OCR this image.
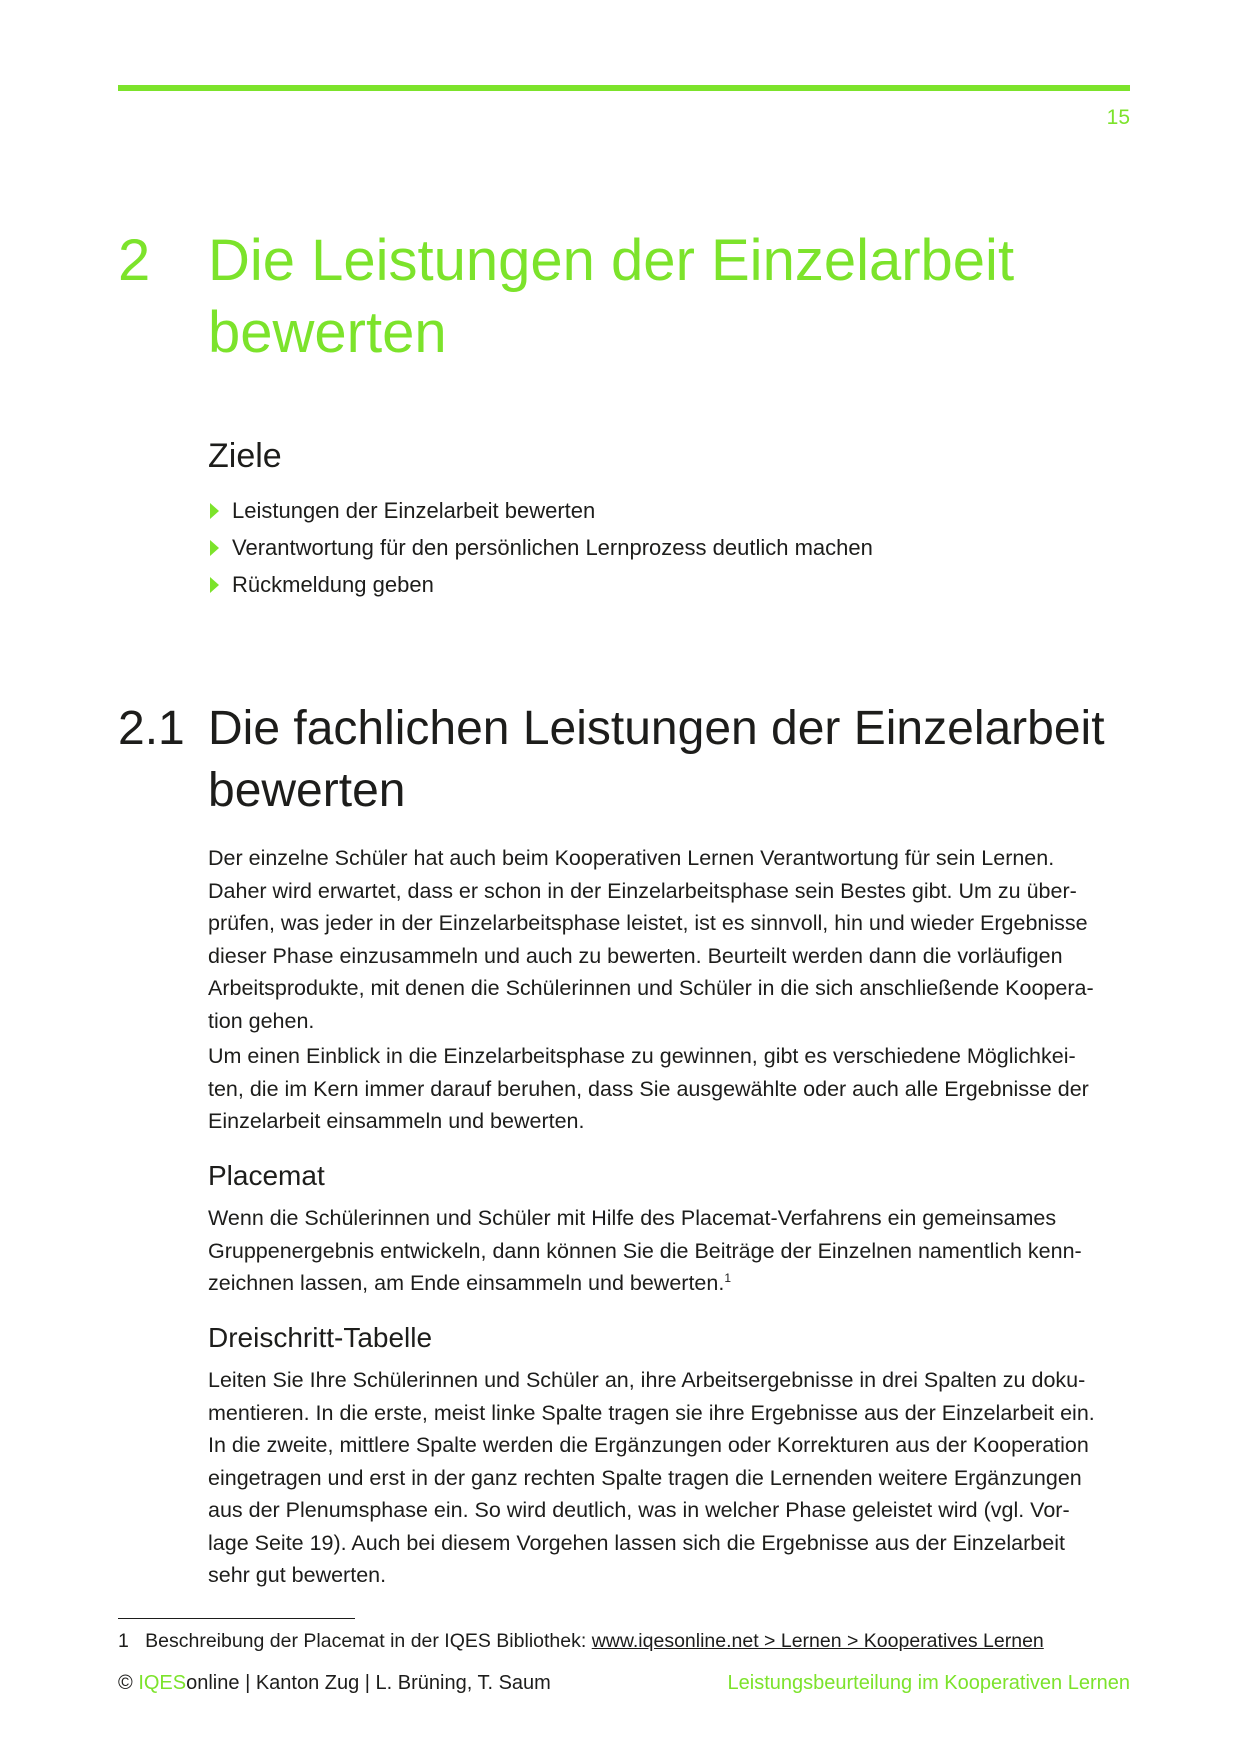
15
2 Die Leistungen der Einzelarbeit
bewerten
Ziele
Leistungen der Einzelarbeit bewerten
Verantwortung für den persönlichen Lernprozess deutlich machen
Rückmeldung geben
2.1 Die fachlichen Leistungen der Einzelarbeit
bewerten
Der einzelne Schüler hat auch beim Kooperativen Lernen Verantwortung für sein Lernen.
Daher wird erwartet, dass er schon in der Einzelarbeitsphase sein Bestes gibt. Um zu über-
prüfen, was jeder in der Einzelarbeitsphase leistet, ist es sinnvoll, hin und wieder Ergebnisse
dieser Phase einzusammeln und auch zu bewerten. Beurteilt werden dann die vorläufigen
Arbeitsprodukte, mit denen die Schülerinnen und Schüler in die sich anschließende Koopera-
tion gehen.
Um einen Einblick in die Einzelarbeitsphase zu gewinnen, gibt es verschiedene Möglichkei-
ten, die im Kern immer darauf beruhen, dass Sie ausgewählte oder auch alle Ergebnisse der
Einzelarbeit einsammeln und bewerten.
Placemat
Wenn die Schülerinnen und Schüler mit Hilfe des Placemat-Verfahrens ein gemeinsames
Gruppenergebnis entwickeln, dann können Sie die Beiträge der Einzelnen namentlich kenn-
zeichnen lassen, am Ende einsammeln und bewerten.$^1$
Dreischritt-Tabelle
Leiten Sie Ihre Schülerinnen und Schüler an, ihre Arbeitsergebnisse in drei Spalten zu doku-
mentieren. In die erste, meist linke Spalte tragen sie ihre Ergebnisse aus der Einzelarbeit ein.
In die zweite, mittlere Spalte werden die Ergänzungen oder Korrekturen aus der Kooperation
eingetragen und erst in der ganz rechten Spalte tragen die Lernenden weitere Ergänzungen
aus der Plenumsphase ein. So wird deutlich, was in welcher Phase geleistet wird (vgl. Vor-
lage Seite 19). Auch bei diesem Vorgehen lassen sich die Ergebnisse aus der Einzelarbeit
sehr gut bewerten.
1 Beschreibung der Placemat in der IQES Bibliothek: www.iqesonline.net > Lernen > Kooperatives Lernen
© IQESonline | Kanton Zug | L. Brüning, T. Saum	Leistungsbeurteilung im Kooperativen Lernen
